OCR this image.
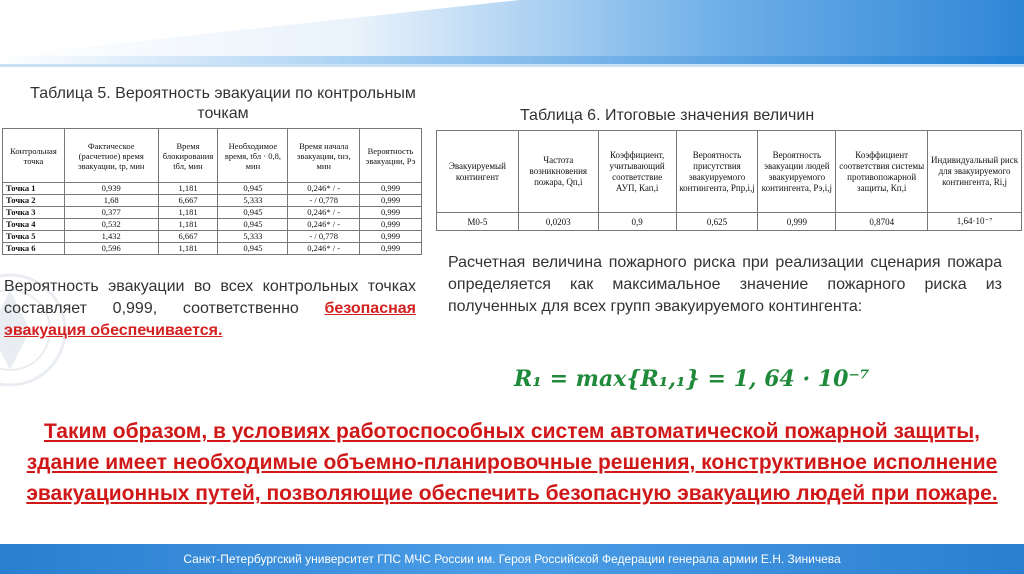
Таблица 5. Вероятность эвакуации по контрольным точкам	Таблица 6. Итоговые значения величин
Контрольная точка	Фактическое (расчетное) время эвакуации, tр, мин	Время блокирования tбл, мин	Необходимое время, tбл · 0,8, мин	Время начала эвакуации, tнэ, мин	Вероятность эвакуации, Рэ
Точка 1	0,939	1,181	0,945	0,246* / -	0,999
Точка 2	1,68	6,667	5,333	- / 0,778	0,999
Точка 3	0,377	1,181	0,945	0,246* / -	0,999
Точка 4	0,532	1,181	0,945	0,246* / -	0,999
Точка 5	1,432	6,667	5,333	- / 0,778	0,999
Точка 6	0,596	1,181	0,945	0,246* / -	0,999
Эвакуируемый контингент	Частота возникновения пожара, Qп,i	Коэффициент, учитывающий соответствие АУП, Кап,i	Вероятность присутствия эвакуируемого контингента, Рпр,i,j	Вероятность эвакуации людей эвакуируемого контингента, Рэ,i,j	Коэффициент соответствия системы противопожарной защиты, Кп,i	Индивидуальный риск для эвакуируемого контингента, Ri,j
М0-5	0,0203	0,9	0,625	0,999	0,8704	1,64·10⁻⁷

Вероятность эвакуации во всех контрольных точках составляет 0,999, соответственно безопасная эвакуация обеспечивается.

Расчетная величина пожарного риска при реализации сценария пожара определяется как максимальное значение пожарного риска из полученных для всех групп эвакуируемого контингента:

R₁ = max{R₁,₁} = 1, 64 · 10⁻⁷

Таким образом, в условиях работоспособных систем автоматической пожарной защиты, здание имеет необходимые объемно-планировочные решения, конструктивное исполнение эвакуационных путей, позволяющие обеспечить безопасную эвакуацию людей при пожаре.

Санкт-Петербургский университет ГПС МЧС России им. Героя Российской Федерации генерала армии Е.Н. Зиничева
